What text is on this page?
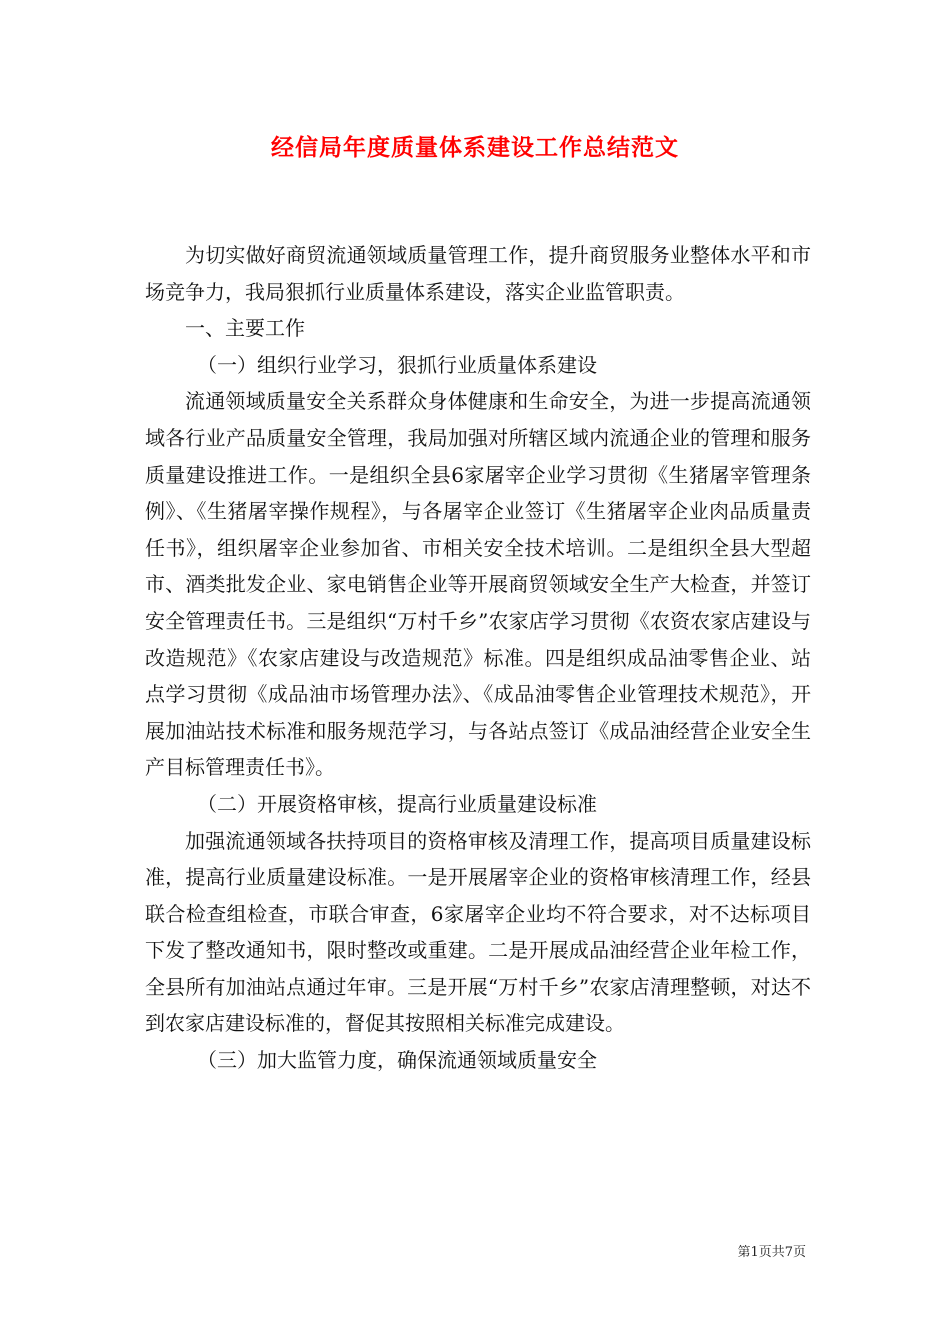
经信局年度质量体系建设工作总结范文

为切实做好商贸流通领域质量管理工作，提升商贸服务业整体水平和市场竞争力，我局狠抓行业质量体系建设，落实企业监管职责。

一、主要工作

（一）组织行业学习，狠抓行业质量体系建设

流通领域质量安全关系群众身体健康和生命安全，为进一步提高流通领域各行业产品质量安全管理，我局加强对所辖区域内流通企业的管理和服务质量建设推进工作。一是组织全县6家屠宰企业学习贯彻《生猪屠宰管理条例》、《生猪屠宰操作规程》，与各屠宰企业签订《生猪屠宰企业肉品质量责任书》，组织屠宰企业参加省、市相关安全技术培训。二是组织全县大型超市、酒类批发企业、家电销售企业等开展商贸领域安全生产大检查，并签订安全管理责任书。三是组织“万村千乡”农家店学习贯彻《农资农家店建设与改造规范》《农家店建设与改造规范》标准。四是组织成品油零售企业、站点学习贯彻《成品油市场管理办法》、《成品油零售企业管理技术规范》，开展加油站技术标准和服务规范学习，与各站点签订《成品油经营企业安全生产目标管理责任书》。

（二）开展资格审核，提高行业质量建设标准

加强流通领域各扶持项目的资格审核及清理工作，提高项目质量建设标准，提高行业质量建设标准。一是开展屠宰企业的资格审核清理工作，经县联合检查组检查，市联合审查，6家屠宰企业均不符合要求，对不达标项目下发了整改通知书，限时整改或重建。二是开展成品油经营企业年检工作，全县所有加油站点通过年审。三是开展“万村千乡”农家店清理整顿，对达不到农家店建设标准的，督促其按照相关标准完成建设。

（三）加大监管力度，确保流通领域质量安全

第1页共7页
